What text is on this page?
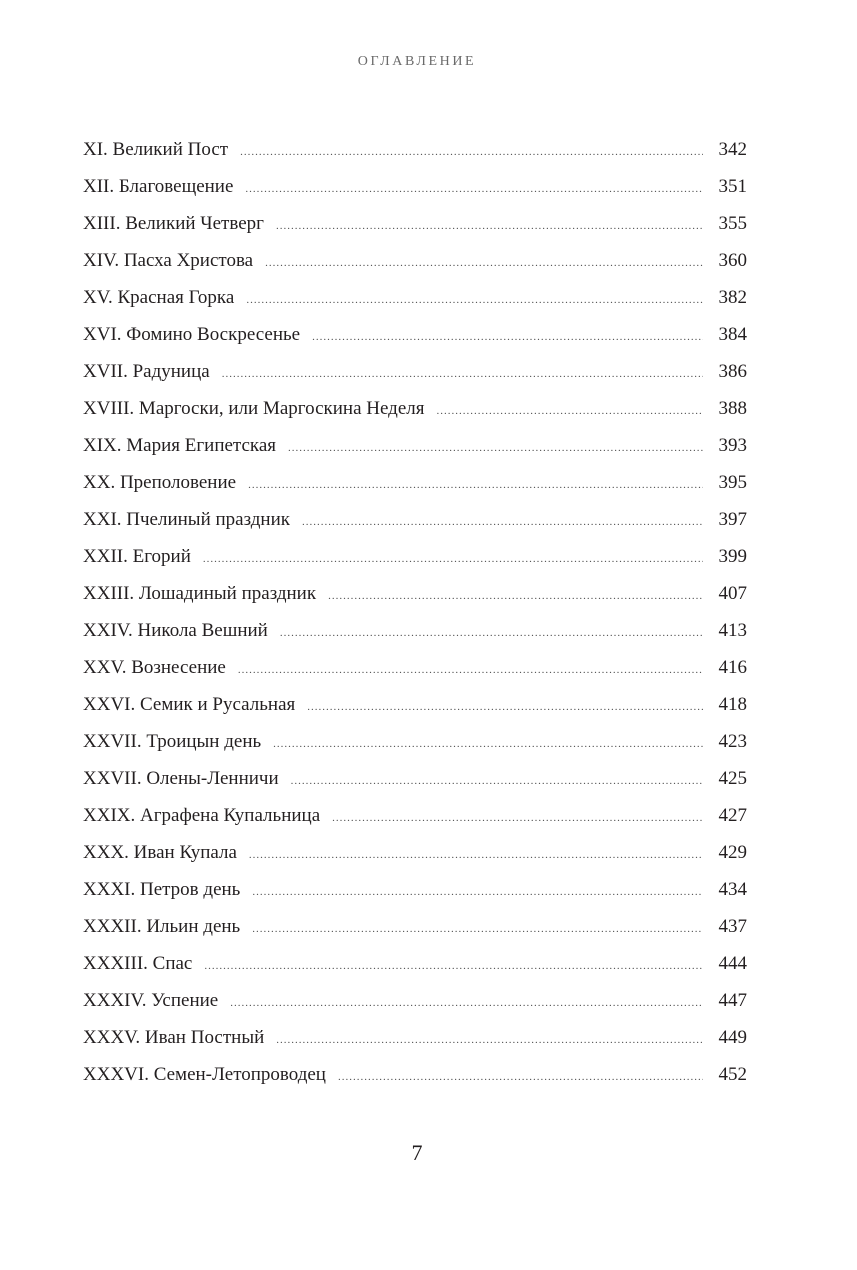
ОГЛАВЛЕНИЕ
XI. Великий Пост .....	342
XII. Благовещение .....	351
XIII. Великий Четверг .....	355
XIV. Пасха Христова .....	360
XV. Красная Горка .....	382
XVI. Фомино Воскресенье .....	384
XVII. Радуница .....	386
XVIII. Маргоски, или Маргоскина Неделя .....	388
XIX. Мария Египетская .....	393
XX. Преполовение .....	395
XXI. Пчелиный праздник .....	397
XXII. Егорий .....	399
XXIII. Лошадиный праздник .....	407
XXIV. Никола Вешний .....	413
XXV. Вознесение .....	416
XXVI. Семик и Русальная .....	418
XXVII. Троицын день .....	423
XXVII. Олены-Ленничи .....	425
XXIX. Аграфена Купальница .....	427
XXX. Иван Купала .....	429
XXXI. Петров день .....	434
XXXII. Ильин день .....	437
XXXIII. Спас .....	444
XXXIV. Успение .....	447
XXXV. Иван Постный .....	449
XXXVI. Семен-Летопроводец .....	452
7
